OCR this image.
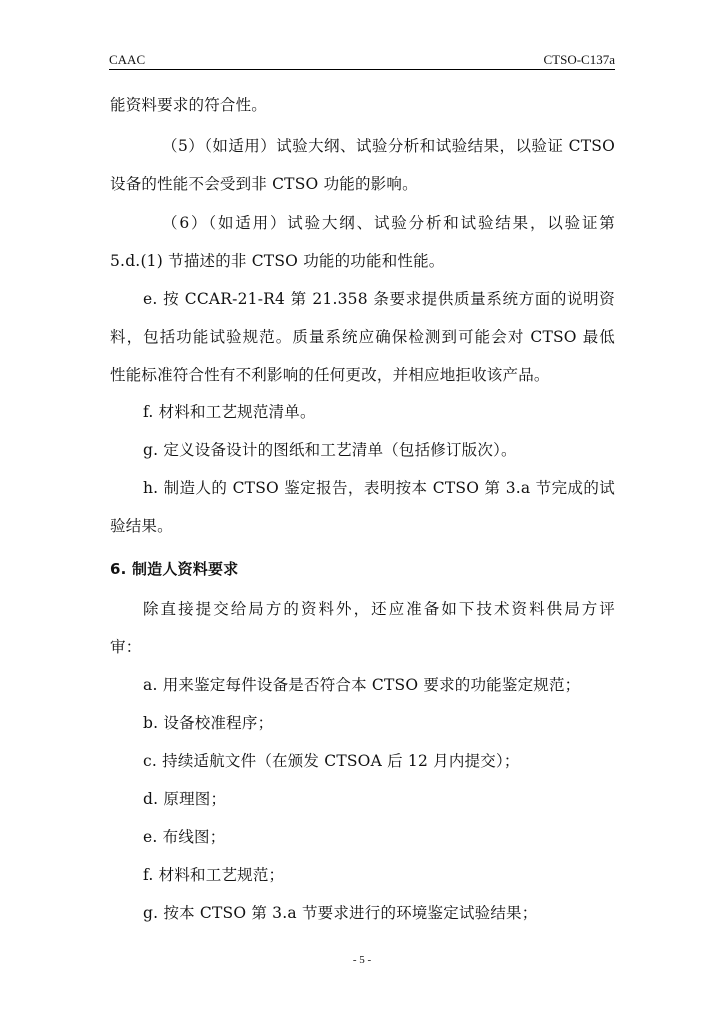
CAAC	CTSO-C137a
能资料要求的符合性。
（5）（如适用）试验大纲、试验分析和试验结果，以验证 CTSO
设备的性能不会受到非 CTSO 功能的影响。
（6）（如适用）试验大纲、试验分析和试验结果，以验证第
5.d.(1) 节描述的非 CTSO 功能的功能和性能。
e. 按 CCAR-21-R4 第 21.358 条要求提供质量系统方面的说明资
料，包括功能试验规范。质量系统应确保检测到可能会对 CTSO 最低
性能标准符合性有不利影响的任何更改，并相应地拒收该产品。
f. 材料和工艺规范清单。
g. 定义设备设计的图纸和工艺清单（包括修订版次）。
h. 制造人的 CTSO 鉴定报告，表明按本 CTSO 第 3.a 节完成的试
验结果。
6. 制造人资料要求
除直接提交给局方的资料外，还应准备如下技术资料供局方评
审：
a. 用来鉴定每件设备是否符合本 CTSO 要求的功能鉴定规范；
b. 设备校准程序；
c. 持续适航文件（在颁发 CTSOA 后 12 月内提交）；
d. 原理图；
e. 布线图；
f. 材料和工艺规范；
g. 按本 CTSO 第 3.a 节要求进行的环境鉴定试验结果；
- 5 -
